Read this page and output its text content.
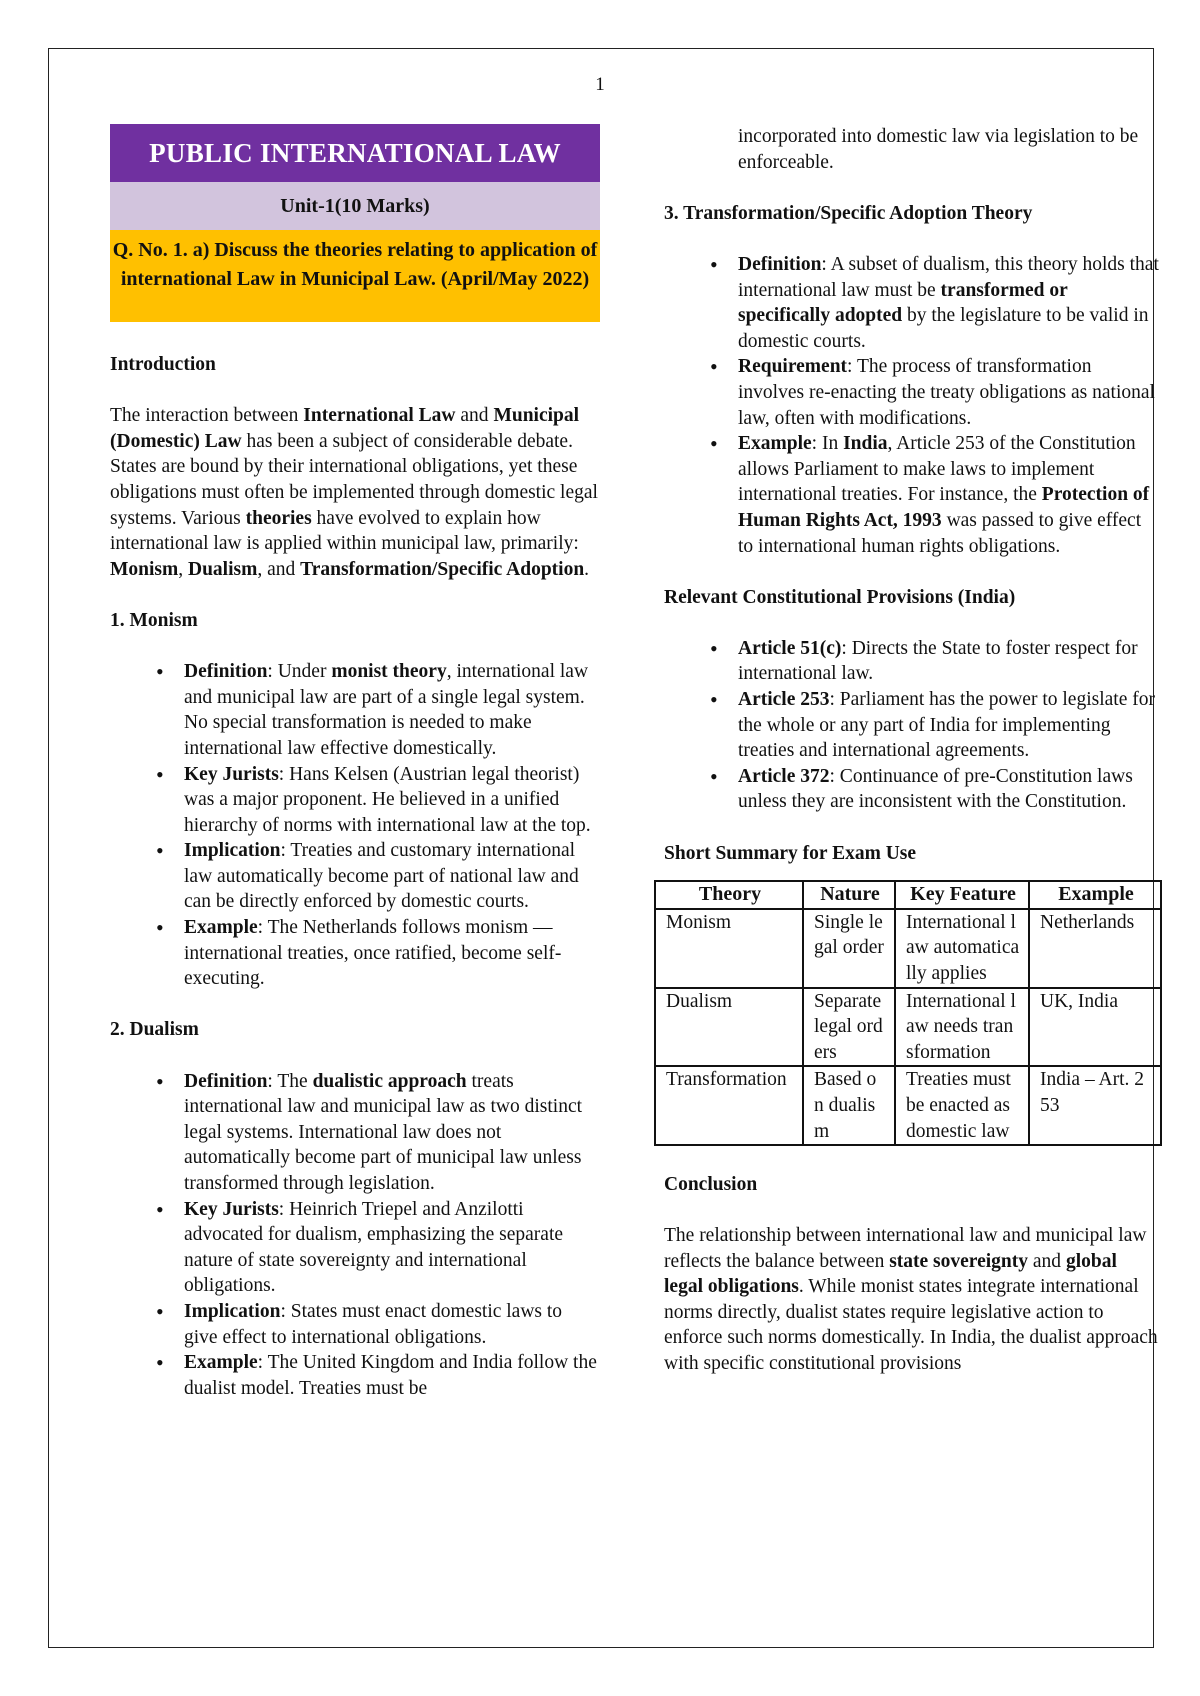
1
PUBLIC INTERNATIONAL LAW
Unit-1(10 Marks)
Q. No. 1. a) Discuss the theories relating to application of international Law in Municipal Law. (April/May 2022)
Introduction

The interaction between International Law and Municipal (Domestic) Law has been a subject of considerable debate. States are bound by their international obligations, yet these obligations must often be implemented through domestic legal systems. Various theories have evolved to explain how international law is applied within municipal law, primarily: Monism, Dualism, and Transformation/Specific Adoption.

1. Monism
• Definition: Under monist theory, international law and municipal law are part of a single legal system. No special transformation is needed to make international law effective domestically.
• Key Jurists: Hans Kelsen (Austrian legal theorist) was a major proponent. He believed in a unified hierarchy of norms with international law at the top.
• Implication: Treaties and customary international law automatically become part of national law and can be directly enforced by domestic courts.
• Example: The Netherlands follows monism — international treaties, once ratified, become self-executing.
2. Dualism
• Definition: The dualistic approach treats international law and municipal law as two distinct legal systems. International law does not automatically become part of municipal law unless transformed through legislation.
• Key Jurists: Heinrich Triepel and Anzilotti advocated for dualism, emphasizing the separate nature of state sovereignty and international obligations.
• Implication: States must enact domestic laws to give effect to international obligations.
• Example: The United Kingdom and India follow the dualist model. Treaties must be

incorporated into domestic law via legislation to be enforceable.

3. Transformation/Specific Adoption Theory
• Definition: A subset of dualism, this theory holds that international law must be transformed or specifically adopted by the legislature to be valid in domestic courts.
• Requirement: The process of transformation involves re-enacting the treaty obligations as national law, often with modifications.
• Example: In India, Article 253 of the Constitution allows Parliament to make laws to implement international treaties. For instance, the Protection of Human Rights Act, 1993 was passed to give effect to international human rights obligations.
Relevant Constitutional Provisions (India)
• Article 51(c): Directs the State to foster respect for international law.
• Article 253: Parliament has the power to legislate for the whole or any part of India for implementing treaties and international agreements.
• Article 372: Continuance of pre-Constitution laws unless they are inconsistent with the Constitution.
Short Summary for Exam Use
Theory	Nature	Key Feature	Example
Monism	Single legal order	International law automatically applies	Netherlands
Dualism	Separate legal orders	International law needs transformation	UK, India
Transformation	Based on dualism	Treaties must be enacted as domestic law	India – Art. 253
Conclusion

The relationship between international law and municipal law reflects the balance between state sovereignty and global legal obligations. While monist states integrate international norms directly, dualist states require legislative action to enforce such norms domestically. In India, the dualist approach with specific constitutional provisions
